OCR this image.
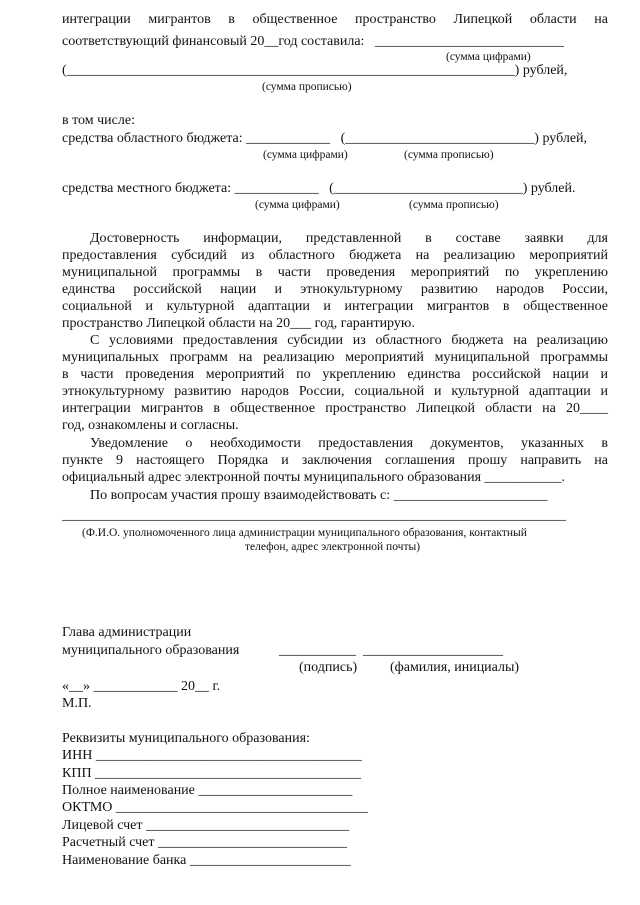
интеграции мигрантов в общественное пространство Липецкой области на
соответствующий финансовый 20__год составила:   ___________________________
(сумма цифрами)
(________________________________________________________________) рублей,
(сумма прописью)
в том числе:
средства областного бюджета: ____________   (___________________________) рублей,
(сумма цифрами)	(сумма прописью)
средства местного бюджета: ____________   (___________________________) рублей.
(сумма цифрами)	(сумма прописью)
Достоверность информации, представленной в составе заявки для
предоставления субсидий из областного бюджета на реализацию мероприятий
муниципальной программы в части проведения мероприятий по укреплению
единства российской нации и этнокультурному развитию народов России,
социальной и культурной адаптации и интеграции мигрантов в общественное
пространство Липецкой области на 20___ год, гарантирую.
С условиями предоставления субсидии из областного бюджета на реализацию
муниципальных программ на реализацию мероприятий муниципальной программы
в части проведения мероприятий по укреплению единства российской нации и
этнокультурному развитию народов России, социальной и культурной адаптации и
интеграции мигрантов в общественное пространство Липецкой области на 20____
год, ознакомлены и согласны.
Уведомление о необходимости предоставления документов, указанных в
пункте 9 настоящего Порядка и заключения соглашения прошу направить на
официальный адрес электронной почты муниципального образования ___________.
По вопросам участия прошу взаимодействовать с: ______________________
________________________________________________________________________
(Ф.И.О. уполномоченного лица администрации муниципального образования, контактный
телефон, адрес электронной почты)
Глава администрации
муниципального образования	___________  ____________________
(подпись) (фамилия, инициалы)
«__» ____________ 20__ г.
М.П.
Реквизиты муниципального образования:
ИНН ______________________________________
КПП ______________________________________
Полное наименование ______________________
ОКТМО ____________________________________
Лицевой счет _____________________________
Расчетный счет ___________________________
Наименование банка _______________________
